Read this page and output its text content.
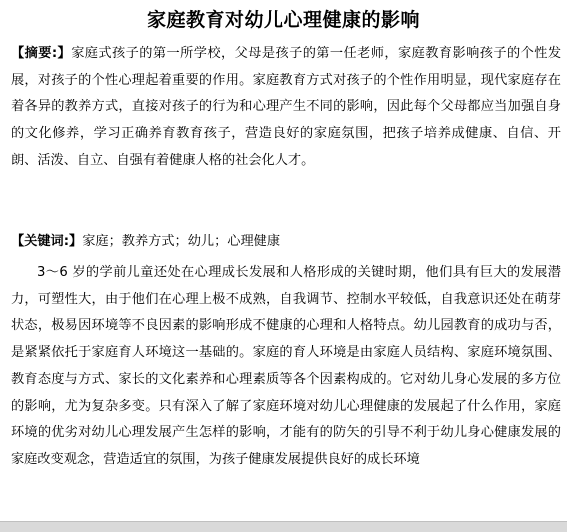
家庭教育对幼儿心理健康的影响
【摘要:】家庭式孩子的第一所学校，父母是孩子的第一任老师，家庭教育影响孩子的个性发展，对孩子的个性心理起着重要的作用。家庭教育方式对孩子的个性作用明显，现代家庭存在着各异的教养方式，直接对孩子的行为和心理产生不同的影响，因此每个父母都应当加强自身的文化修养，学习正确养育教育孩子，营造良好的家庭氛围，把孩子培养成健康、自信、开朗、活泼、自立、自强有着健康人格的社会化人才。
【关键词:】家庭；教养方式；幼儿；心理健康
3～6 岁的学前儿童还处在心理成长发展和人格形成的关键时期，他们具有巨大的发展潜力，可塑性大，由于他们在心理上极不成熟，自我调节、控制水平较低，自我意识还处在萌芽状态，极易因环境等不良因素的影响形成不健康的心理和人格特点。幼儿园教育的成功与否，是紧紧依托于家庭育人环境这一基础的。家庭的育人环境是由家庭人员结构、家庭环境氛围、教育态度与方式、家长的文化素养和心理素质等各个因素构成的。它对幼儿身心发展的多方位的影响，尤为复杂多变。只有深入了解了家庭环境对幼儿心理健康的发展起了什么作用，家庭环境的优劣对幼儿心理发展产生怎样的影响，才能有的防矢的引导不利于幼儿身心健康发展的家庭改变观念，营造适宜的氛围，为孩子健康发展提供良好的成长环境
